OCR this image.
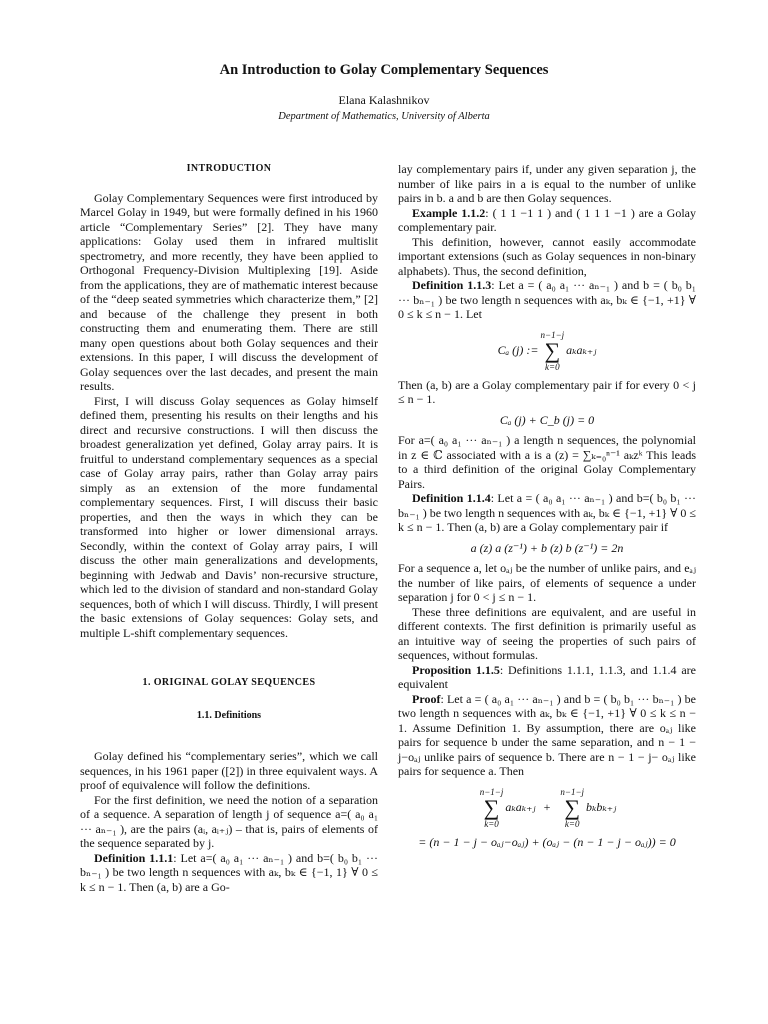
An Introduction to Golay Complementary Sequences
Elana Kalashnikov
Department of Mathematics, University of Alberta
INTRODUCTION

Golay Complementary Sequences were first introduced by Marcel Golay in 1949, but were formally defined in his 1960 article “Complementary Series” [2]. They have many applications: Golay used them in infrared multislit spectrometry, and more recently, they have been applied to Orthogonal Frequency-Division Multiplexing [19]. Aside from the applications, they are of mathematic interest because of the “deep seated symmetries which characterize them,” [2] and because of the challenge they present in both constructing them and enumerating them. There are still many open questions about both Golay sequences and their extensions. In this paper, I will discuss the development of Golay sequences over the last decades, and present the main results.

First, I will discuss Golay sequences as Golay himself defined them, presenting his results on their lengths and his direct and recursive constructions. I will then discuss the broadest generalization yet defined, Golay array pairs. It is fruitful to understand complementary sequences as a special case of Golay array pairs, rather than Golay array pairs simply as an extension of the more fundamental complementary sequences. First, I will discuss their basic properties, and then the ways in which they can be transformed into higher or lower dimensional arrays. Secondly, within the context of Golay array pairs, I will discuss the other main generalizations and developments, beginning with Jedwab and Davis’ non-recursive structure, which led to the division of standard and non-standard Golay sequences, both of which I will discuss. Thirdly, I will present the basic extensions of Golay sequences: Golay sets, and multiple L-shift complementary sequences.

1. ORIGINAL GOLAY SEQUENCES
1.1. Definitions

Golay defined his “complementary series”, which we call sequences, in his 1961 paper ([2]) in three equivalent ways. A proof of equivalence will follow the definitions.

For the first definition, we need the notion of a separation of a sequence. A separation of length j of sequence a=( a₀ a₁ ··· aₙ₋₁ ), are the pairs (aᵢ, aᵢ₊ⱼ) – that is, pairs of elements of the sequence separated by j.

Definition 1.1.1: Let a=( a₀ a₁ ··· aₙ₋₁ ) and b=( b₀ b₁ ··· bₙ₋₁ ) be two length n sequences with aₖ, bₖ ∈ {−1, 1} ∀ 0 ≤ k ≤ n − 1. Then (a, b) are a Go-

lay complementary pairs if, under any given separation j, the number of like pairs in a is equal to the number of unlike pairs in b. a and b are then Golay sequences.

Example 1.1.2: ( 1 1 −1 1 ) and ( 1 1 1 −1 ) are a Golay complementary pair.

This definition, however, cannot easily accommodate important extensions (such as Golay sequences in non-binary alphabets). Thus, the second definition,

Definition 1.1.3: Let a = ( a₀ a₁ ··· aₙ₋₁ ) and b = ( b₀ b₁ ··· bₙ₋₁ ) be two length n sequences with aₖ, bₖ ∈ {−1, +1} ∀ 0 ≤ k ≤ n − 1. Let

Cₐ (j) :=
n−1−j
∑
k=0
aₖaₖ₊ⱼ

Then (a, b) are a Golay complementary pair if for every 0 < j ≤ n − 1.

Cₐ (j) + C_b (j) = 0

For a=( a₀ a₁ ··· aₙ₋₁ ) a length n sequences, the polynomial in z ∈ ℂ associated with a is a (z) = ∑ₖ₌₀ⁿ⁻¹ aₖzᵏ This leads to a third definition of the original Golay Complementary Pairs.

Definition 1.1.4: Let a = ( a₀ a₁ ··· aₙ₋₁ ) and b=( b₀ b₁ ··· bₙ₋₁ ) be two length n sequences with aₖ, bₖ ∈ {−1, +1} ∀ 0 ≤ k ≤ n − 1. Then (a, b) are a Golay complementary pair if

a (z) a (z⁻¹) + b (z) b (z⁻¹) = 2n

For a sequence a, let oₐⱼ be the number of unlike pairs, and eₐⱼ the number of like pairs, of elements of sequence a under separation j for 0 < j ≤ n − 1.

These three definitions are equivalent, and are useful in different contexts. The first definition is primarily useful as an intuitive way of seeing the properties of such pairs of sequences, without formulas.

Proposition 1.1.5: Definitions 1.1.1, 1.1.3, and 1.1.4 are equivalent

Proof: Let a = ( a₀ a₁ ··· aₙ₋₁ ) and b = ( b₀ b₁ ··· bₙ₋₁ ) be two length n sequences with aₖ, bₖ ∈ {−1, +1} ∀ 0 ≤ k ≤ n − 1. Assume Definition 1. By assumption, there are oₐⱼ like pairs for sequence b under the same separation, and n − 1 − j−oₐⱼ unlike pairs of sequence b. There are n − 1 − j− oₐⱼ like pairs for sequence a. Then

n−1−j
∑
k=0
aₖaₖ₊ⱼ +
n−1−j
∑
k=0
bₖbₖ₊ⱼ
= (n − 1 − j − oₐⱼ−oₐⱼ) + (oₐⱼ − (n − 1 − j − oₐⱼ)) = 0
